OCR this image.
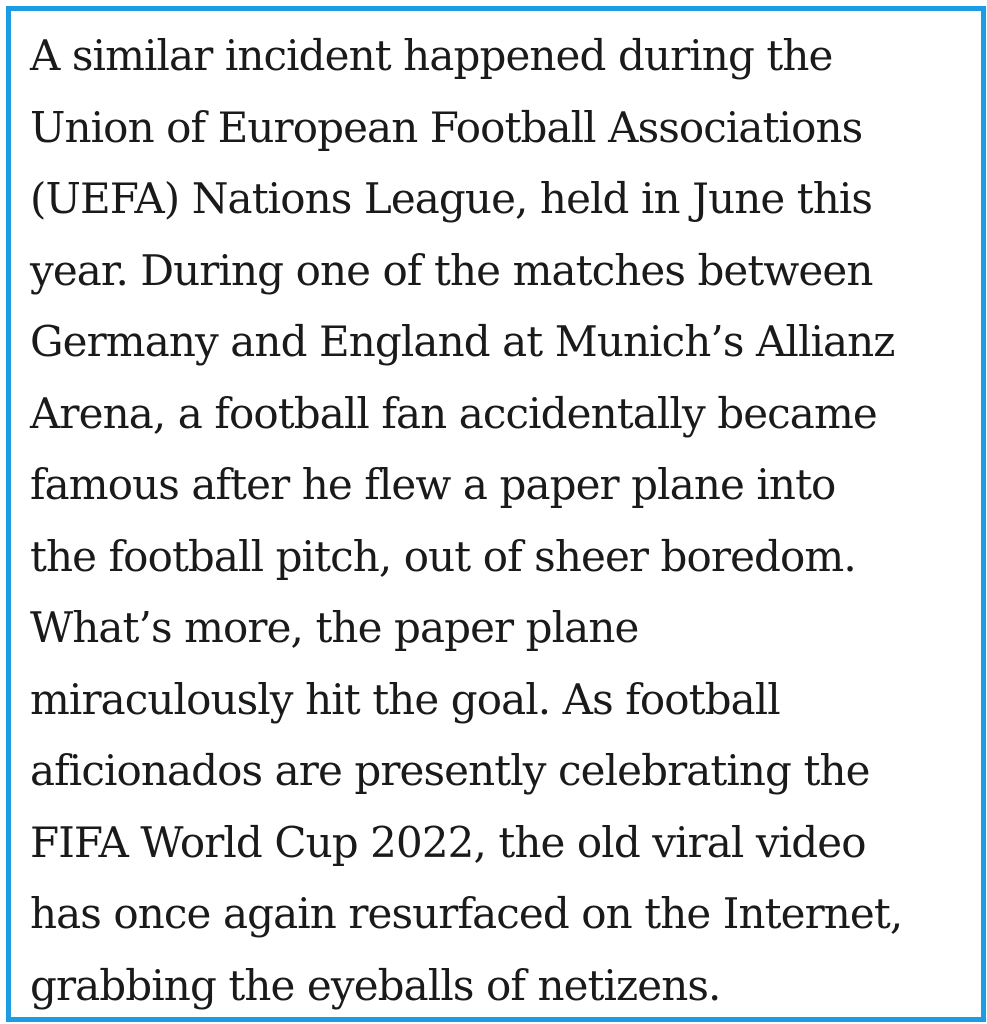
A similar incident happened during the
Union of European Football Associations
(UEFA) Nations League, held in June this
year. During one of the matches between
Germany and England at Munich’s Allianz
Arena, a football fan accidentally became
famous after he flew a paper plane into
the football pitch, out of sheer boredom.
What’s more, the paper plane
miraculously hit the goal. As football
aficionados are presently celebrating the
FIFA World Cup 2022, the old viral video
has once again resurfaced on the Internet,
grabbing the eyeballs of netizens.
